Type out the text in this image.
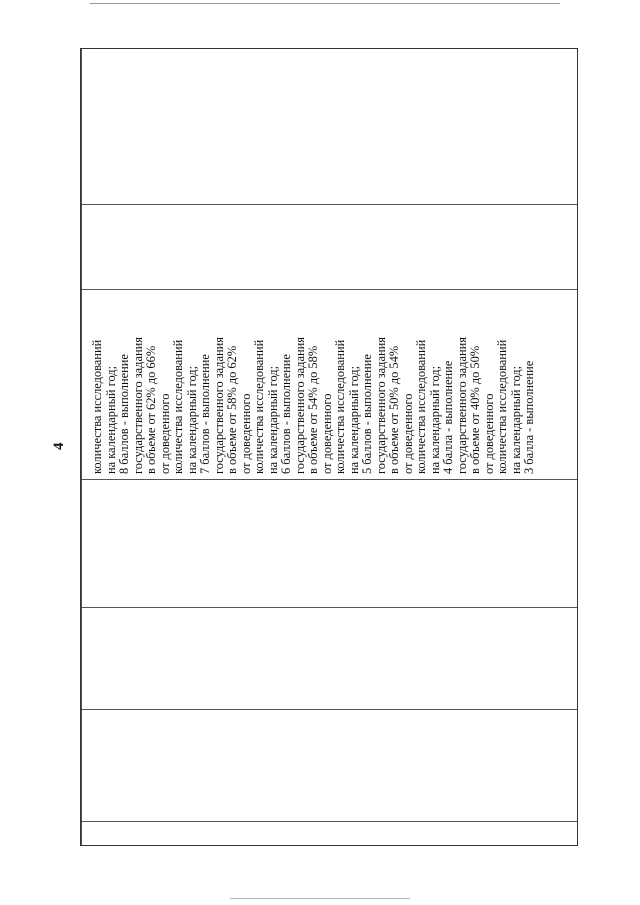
4 количества исследований на календарный год; 8 баллов - выполнение государственного задания в объеме от 62% до 66% от доведенного количества исследований на календарный год; 7 баллов - выполнение государственного задания в объеме от 58% до 62% от доведенного количества исследований на календарный год; 6 баллов - выполнение государственного задания в объеме от 54% до 58% от доведенного количества исследований на календарный год; 5 баллов - выполнение государственного задания в объеме от 50% до 54% от доведенного количества исследований на календарный год; 4 балла - выполнение государственного задания в объеме от 40% до 50% от доведенного количества исследований на календарный год; 3 балла - выполнение
